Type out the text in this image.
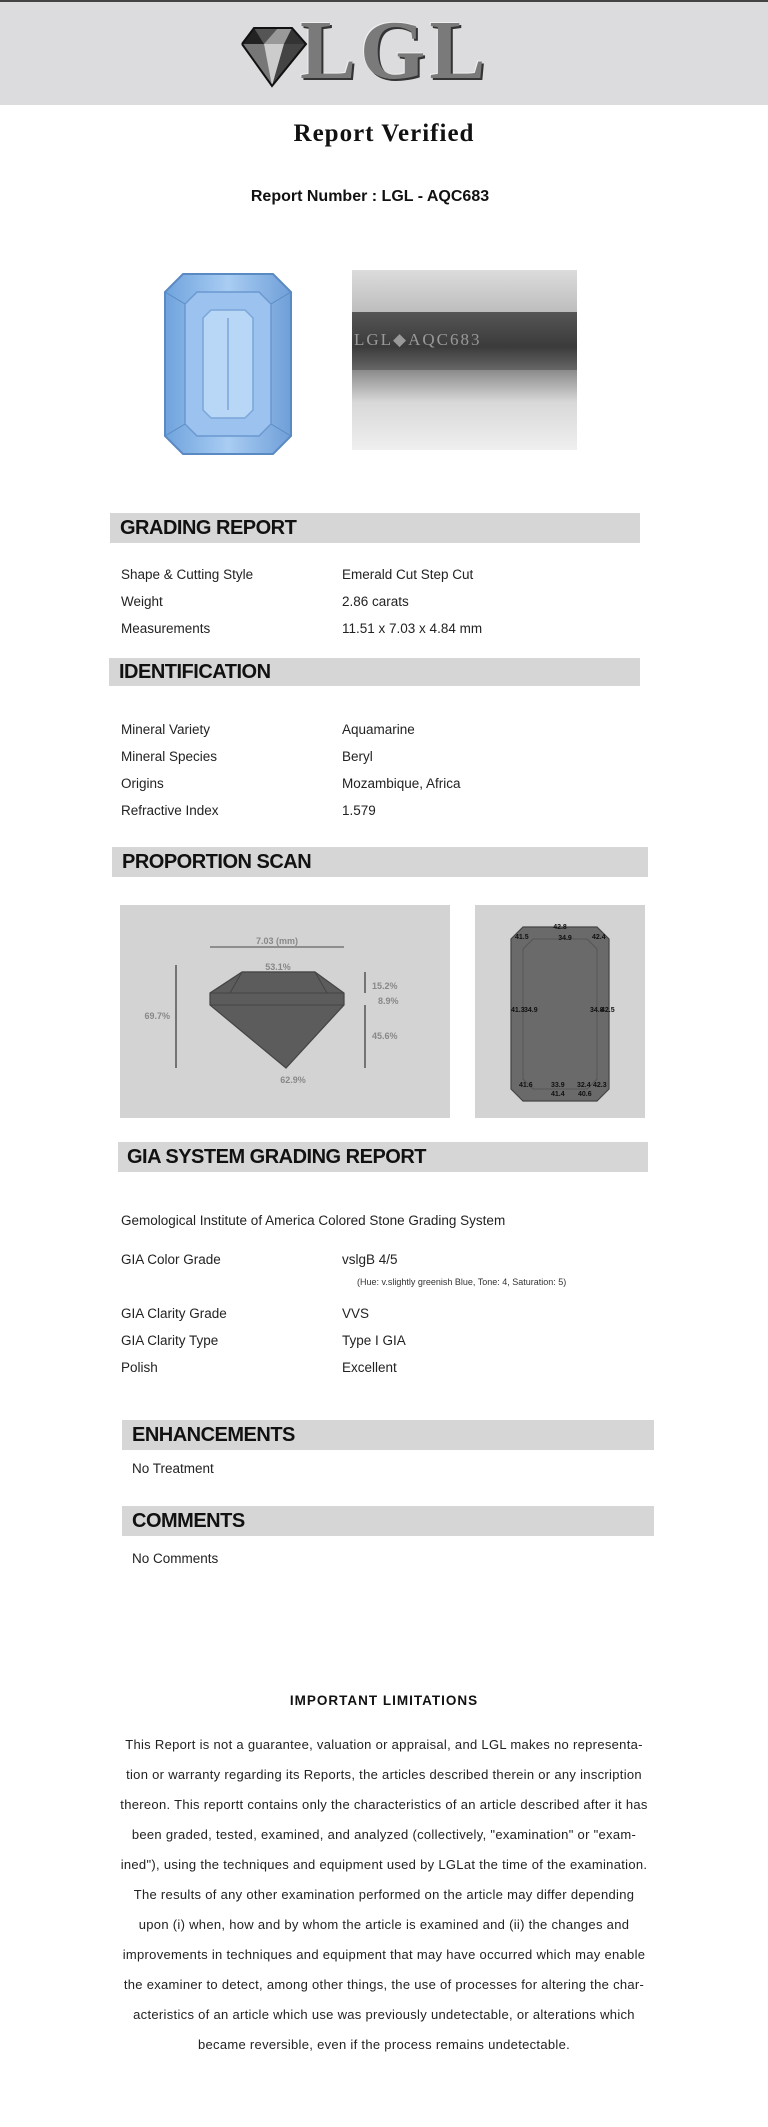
LGL
Report Verified
Report Number : LGL - AQC683
LGL◆AQC683
GRADING REPORT
Shape & Cutting Style	Emerald Cut Step Cut
Weight	2.86 carats
Measurements	11.51 x 7.03 x 4.84 mm
IDENTIFICATION
Mineral Variety	Aquamarine
Mineral Species	Beryl
Origins	Mozambique, Africa
Refractive Index	1.579
PROPORTION SCAN
7.03 (mm)
53.1%
69.7%
15.2%
8.9%
45.6%
62.9%
42.8
34.9
41.5	42.4
41.3 34.9	34.8
42.5
41.6	33.9 32.4 42.3
41.4 40.6
GIA SYSTEM GRADING REPORT
Gemological Institute of America Colored Stone Grading System
GIA Color Grade	vslgB 4/5
(Hue: v.slightly greenish Blue, Tone: 4, Saturation: 5)
GIA Clarity Grade	VVS
GIA Clarity Type	Type I GIA
Polish	Excellent
ENHANCEMENTS
No Treatment
COMMENTS
No Comments
IMPORTANT LIMITATIONS
This Report is not a guarantee, valuation or appraisal, and LGL makes no representa-
tion or warranty regarding its Reports, the articles described therein or any inscription
thereon. This reportt contains only the characteristics of an article described after it has
been graded, tested, examined, and analyzed (collectively, "examination" or "exam-
ined"), using the techniques and equipment used by LGLat the time of the examination.
The results of any other examination performed on the article may differ depending
upon (i) when, how and by whom the article is examined and (ii) the changes and
improvements in techniques and equipment that may have occurred which may enable
the examiner to detect, among other things, the use of processes for altering the char-
acteristics of an article which use was previously undetectable, or alterations which
became reversible, even if the process remains undetectable.
